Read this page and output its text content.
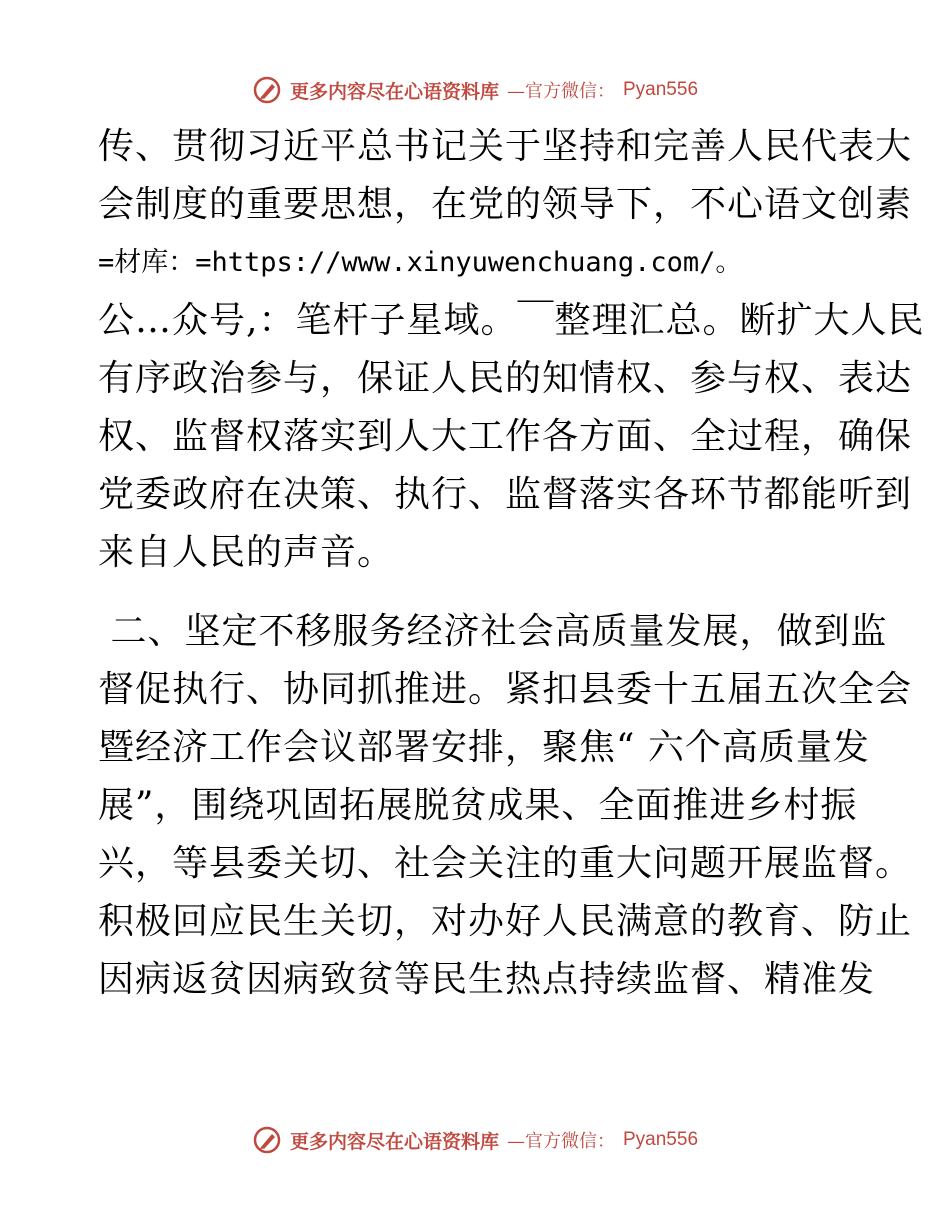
更多内容尽在心语资料库 —官方微信： Pyan556
传、贯彻习近平总书记关于坚持和完善人民代表大
会制度的重要思想，在党的领导下，不心语文创素
=材库：=https://www.xinyuwenchuang.com/。
公…众号,：笔杆子星域。￣整理汇总。断扩大人民
有序政治参与，保证人民的知情权、参与权、表达
权、监督权落实到人大工作各方面、全过程，确保
党委政府在决策、执行、监督落实各环节都能听到
来自人民的声音。
二、坚定不移服务经济社会高质量发展，做到监
督促执行、协同抓推进。紧扣县委十五届五次全会
暨经济工作会议部署安排，聚焦“ 六个高质量发
展”，围绕巩固拓展脱贫成果、全面推进乡村振
兴，等县委关切、社会关注的重大问题开展监督。
积极回应民生关切，对办好人民满意的教育、防止
因病返贫因病致贫等民生热点持续监督、精准发
更多内容尽在心语资料库 —官方微信： Pyan556
